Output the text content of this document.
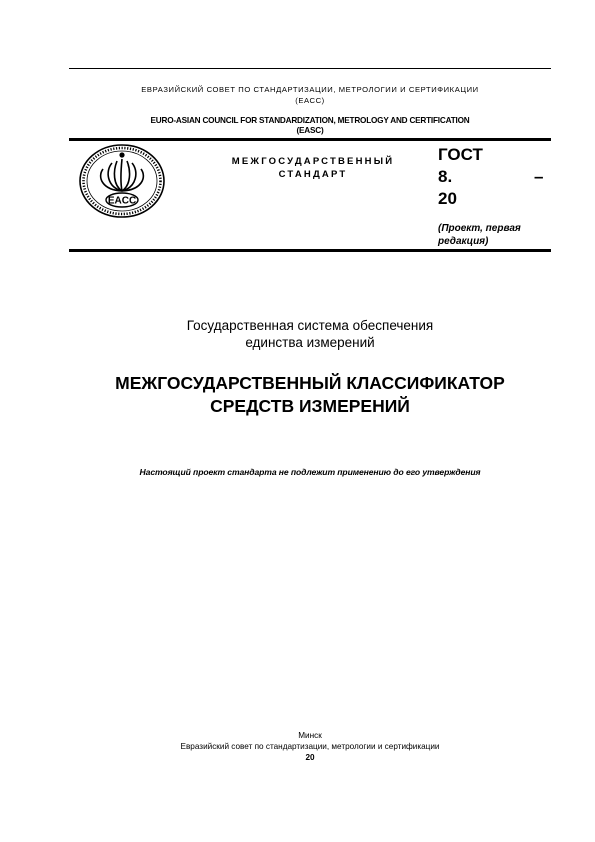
ЕВРАЗИЙСКИЙ СОВЕТ ПО СТАНДАРТИЗАЦИИ, МЕТРОЛОГИИ И СЕРТИФИКАЦИИ
(ЕАСС)
EURO-ASIAN COUNCIL FOR STANDARDIZATION, METROLOGY AND CERTIFICATION
(EASC)
EACC
МЕЖГОСУДАРСТВЕННЫЙ
СТАНДАРТ
ГОСТ
8.	–
20
(Проект, первая
редакция)
Государственная система обеспечения
единства измерений
МЕЖГОСУДАРСТВЕННЫЙ КЛАССИФИКАТОР
СРЕДСТВ ИЗМЕРЕНИЙ
Настоящий проект стандарта не подлежит применению до его утверждения
Минск
Евразийский совет по стандартизации, метрологии и сертификации
20
